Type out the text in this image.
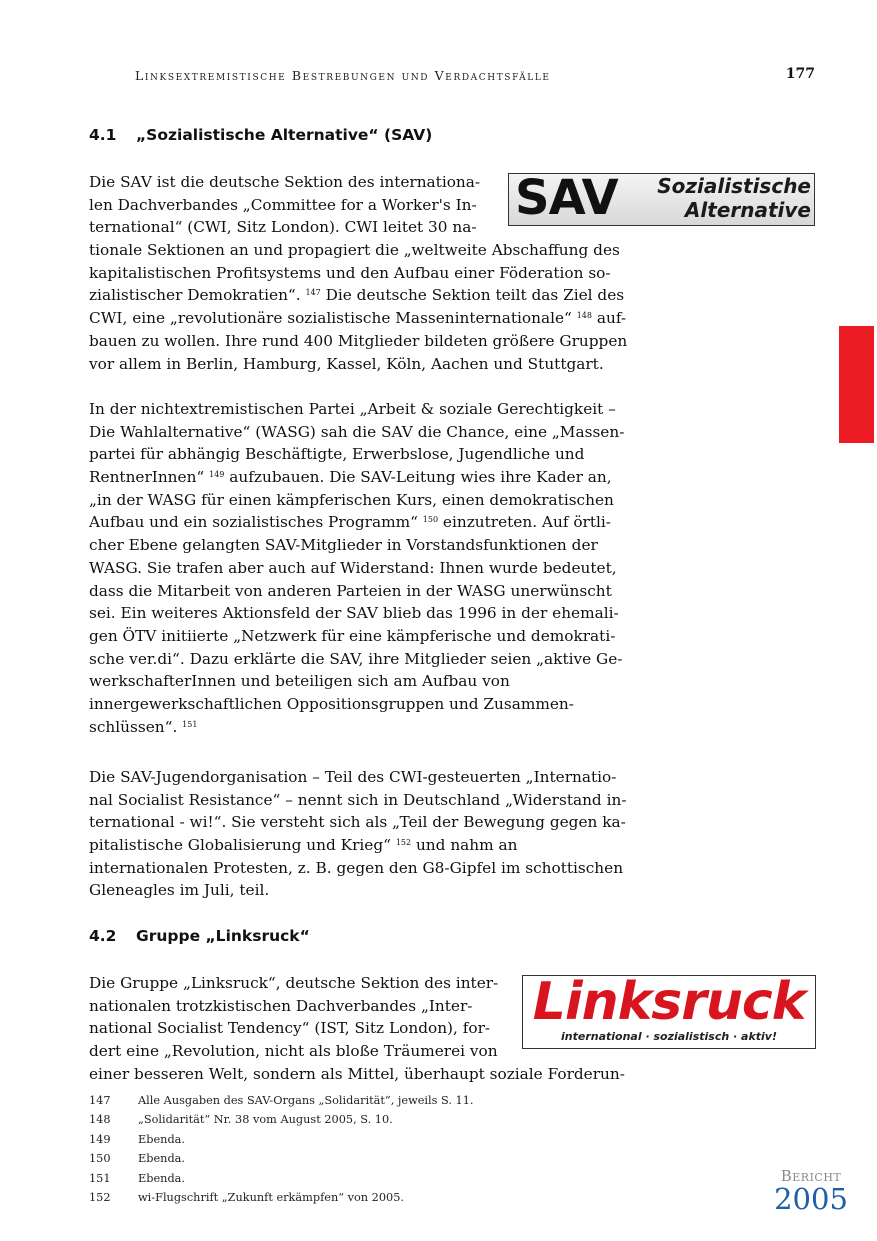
Linksextremistische Bestrebungen und Verdachtsfälle	177
4.1 „Sozialistische Alternative“ (SAV)
SAV Sozialistische
Alternative
Die SAV ist die deutsche Sektion des internationa-
len Dachverbandes „Committee for a Worker's In-
ternational“ (CWI, Sitz London). CWI leitet 30 na-
tionale Sektionen an und propagiert die „weltweite Abschaffung des
kapitalistischen Profitsystems und den Aufbau einer Föderation so-
zialistischer Demokratien“. $^{147}$ Die deutsche Sektion teilt das Ziel des
CWI, eine „revolutionäre sozialistische Masseninternationale“ $^{148}$ auf-
bauen zu wollen. Ihre rund 400 Mitglieder bildeten größere Gruppen
vor allem in Berlin, Hamburg, Kassel, Köln, Aachen und Stuttgart.
In der nichtextremistischen Partei „Arbeit & soziale Gerechtigkeit –
Die Wahlalternative“ (WASG) sah die SAV die Chance, eine „Massen-
partei für abhängig Beschäftigte, Erwerbslose, Jugendliche und
RentnerInnen“ $^{149}$ aufzubauen. Die SAV-Leitung wies ihre Kader an,
„in der WASG für einen kämpferischen Kurs, einen demokratischen
Aufbau und ein sozialistisches Programm“ $^{150}$ einzutreten. Auf örtli-
cher Ebene gelangten SAV-Mitglieder in Vorstandsfunktionen der
WASG. Sie trafen aber auch auf Widerstand: Ihnen wurde bedeutet,
dass die Mitarbeit von anderen Parteien in der WASG unerwünscht
sei. Ein weiteres Aktionsfeld der SAV blieb das 1996 in der ehemali-
gen ÖTV initiierte „Netzwerk für eine kämpferische und demokrati-
sche ver.di“. Dazu erklärte die SAV, ihre Mitglieder seien „aktive Ge-
werkschafterInnen und beteiligen sich am Aufbau von
innergewerkschaftlichen Oppositionsgruppen und Zusammen-
schlüssen“. $^{151}$
Die SAV-Jugendorganisation – Teil des CWI-gesteuerten „Internatio-
nal Socialist Resistance“ – nennt sich in Deutschland „Widerstand in-
ternational - wi!“. Sie versteht sich als „Teil der Bewegung gegen ka-
pitalistische Globalisierung und Krieg“ $^{152}$ und nahm an
internationalen Protesten, z. B. gegen den G8-Gipfel im schottischen
Gleneagles im Juli, teil.
4.2 Gruppe „Linksruck“
Linksruck
international · sozialistisch · aktiv!
Die Gruppe „Linksruck“, deutsche Sektion des inter-
nationalen trotzkistischen Dachverbandes „Inter-
national Socialist Tendency“ (IST, Sitz London), for-
dert eine „Revolution, nicht als bloße Träumerei von
einer besseren Welt, sondern als Mittel, überhaupt soziale Forderun-
147 Alle Ausgaben des SAV-Organs „Solidarität“, jeweils S. 11.
148 „Solidarität“ Nr. 38 vom August 2005, S. 10.
149 Ebenda.
150 Ebenda.
151 Ebenda.
152 wi-Flugschrift „Zukunft erkämpfen“ von 2005.
Bericht
2005
